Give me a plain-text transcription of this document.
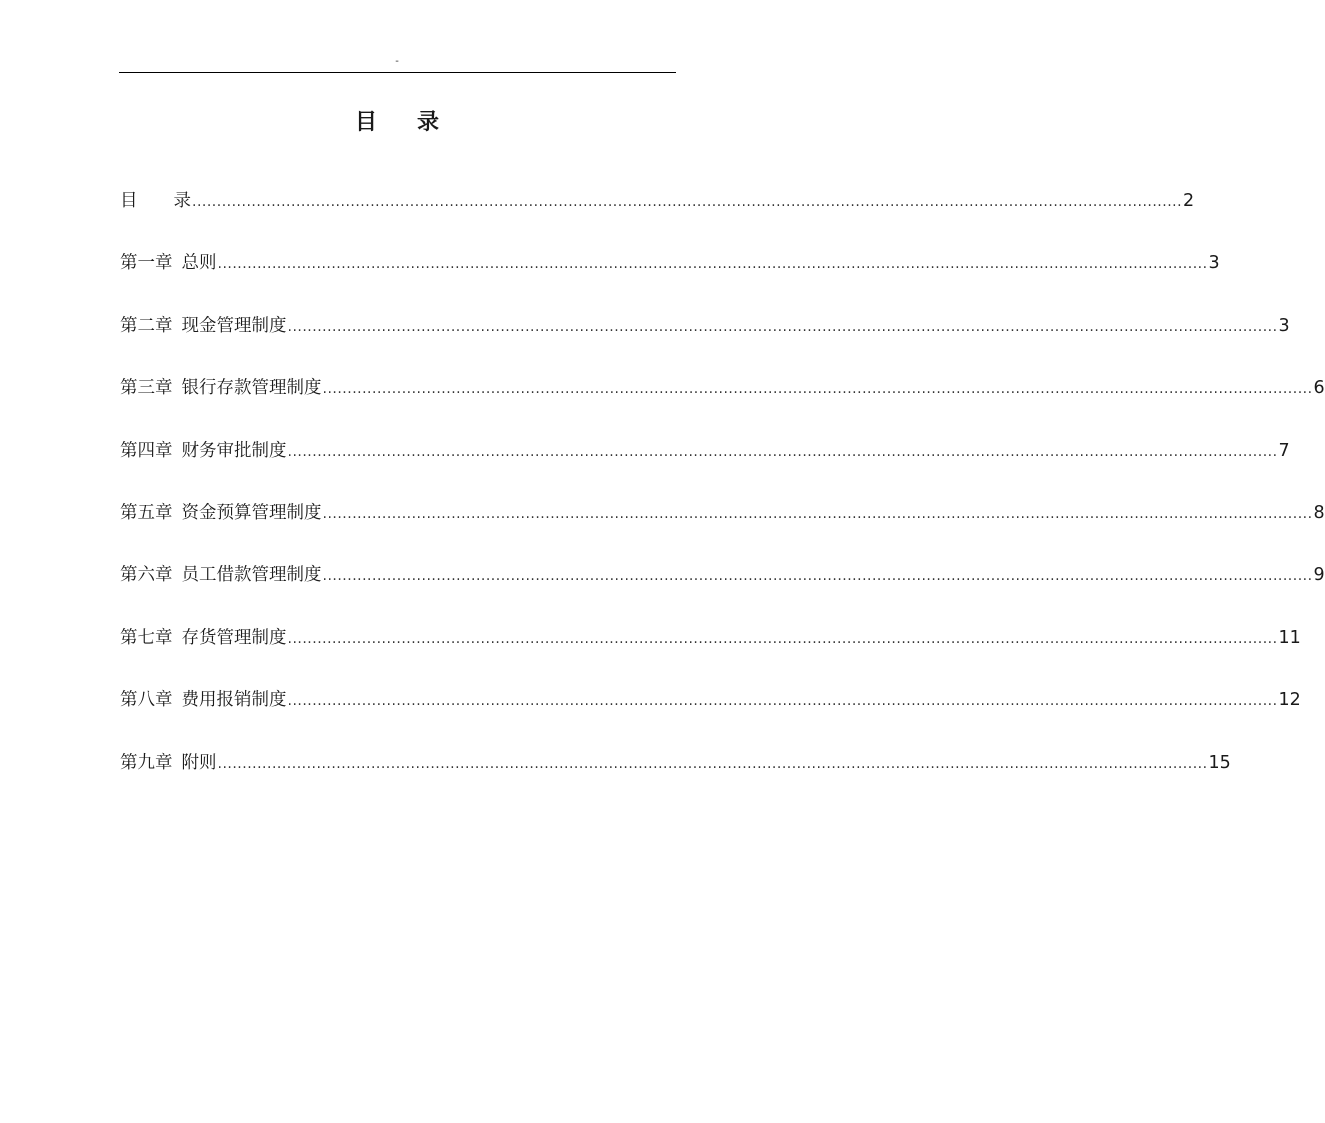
-
目 录
目 录 ........................................................................................................................................................................................................ 2
第一章 总则 ........................................................................................................................................................................................................ 3
第二章 现金管理制度 ........................................................................................................................................................................................................ 3
第三章 银行存款管理制度 ........................................................................................................................................................................................................ 6
第四章 财务审批制度 ........................................................................................................................................................................................................ 7
第五章 资金预算管理制度 ........................................................................................................................................................................................................ 8
第六章 员工借款管理制度 ........................................................................................................................................................................................................ 9
第七章 存货管理制度 ........................................................................................................................................................................................................ 11
第八章 费用报销制度 ........................................................................................................................................................................................................ 12
第九章 附则 ........................................................................................................................................................................................................ 15
